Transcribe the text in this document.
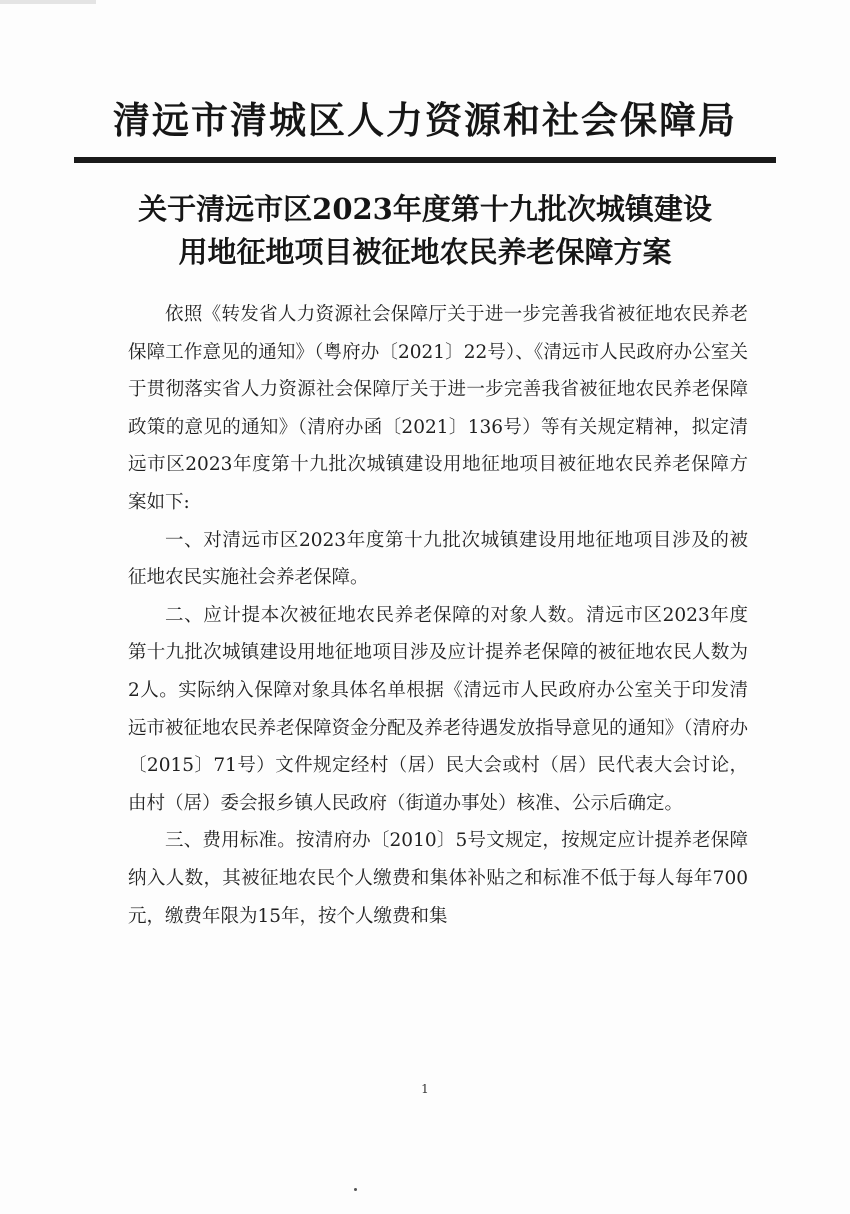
清远市清城区人力资源和社会保障局
关于清远市区2023年度第十九批次城镇建设
用地征地项目被征地农民养老保障方案

依照《转发省人力资源社会保障厅关于进一步完善我省被征地农民养老保障工作意见的通知》（粤府办〔2021〕22号）、《清远市人民政府办公室关于贯彻落实省人力资源社会保障厅关于进一步完善我省被征地农民养老保障政策的意见的通知》（清府办函〔2021〕136号）等有关规定精神，拟定清远市区2023年度第十九批次城镇建设用地征地项目被征地农民养老保障方案如下:

一、对清远市区2023年度第十九批次城镇建设用地征地项目涉及的被征地农民实施社会养老保障。

二、应计提本次被征地农民养老保障的对象人数。清远市区2023年度第十九批次城镇建设用地征地项目涉及应计提养老保障的被征地农民人数为2人。实际纳入保障对象具体名单根据《清远市人民政府办公室关于印发清远市被征地农民养老保障资金分配及养老待遇发放指导意见的通知》（清府办〔2015〕71号）文件规定经村（居）民大会或村（居）民代表大会讨论，由村（居）委会报乡镇人民政府（街道办事处）核准、公示后确定。

三、费用标准。按清府办〔2010〕5号文规定，按规定应计提养老保障纳入人数，其被征地农民个人缴费和集体补贴之和标准不低于每人每年700元，缴费年限为15年，按个人缴费和集

1
